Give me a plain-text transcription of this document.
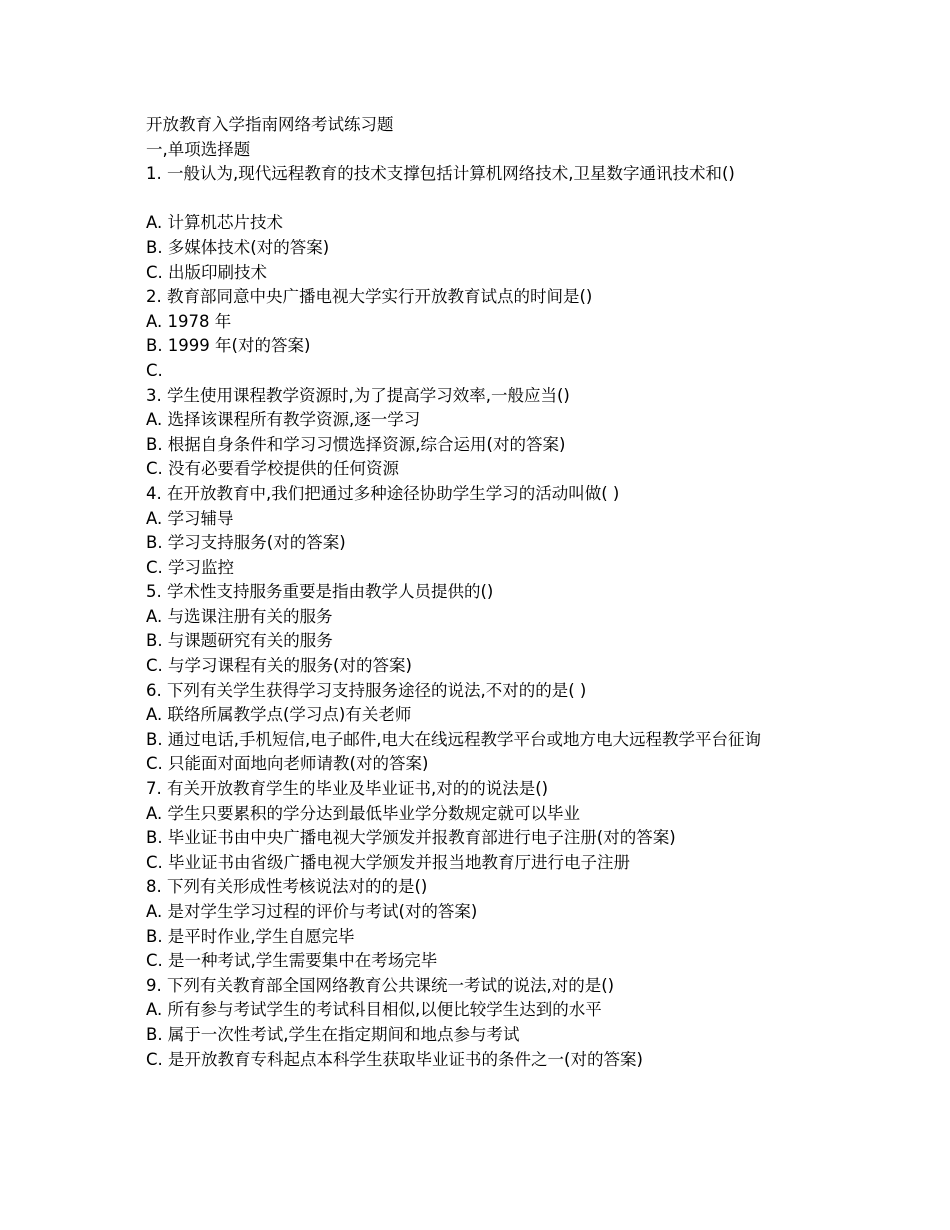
开放教育入学指南网络考试练习题

一,单项选择题

1. 一般认为,现代远程教育的技术支撑包括计算机网络技术,卫星数字通讯技术和()

A. 计算机芯片技术

B. 多媒体技术(对的答案)

C. 出版印刷技术

2. 教育部同意中央广播电视大学实行开放教育试点的时间是()

A. 1978 年

B. 1999 年(对的答案)

C.

3. 学生使用课程教学资源时,为了提高学习效率,一般应当()

A. 选择该课程所有教学资源,逐一学习

B. 根据自身条件和学习习惯选择资源,综合运用(对的答案)

C. 没有必要看学校提供的任何资源

4. 在开放教育中,我们把通过多种途径协助学生学习的活动叫做( )

A. 学习辅导

B. 学习支持服务(对的答案)

C. 学习监控

5. 学术性支持服务重要是指由教学人员提供的()

A. 与选课注册有关的服务

B. 与课题研究有关的服务

C. 与学习课程有关的服务(对的答案)

6. 下列有关学生获得学习支持服务途径的说法,不对的的是( )

A. 联络所属教学点(学习点)有关老师

B. 通过电话,手机短信,电子邮件,电大在线远程教学平台或地方电大远程教学平台征询

C. 只能面对面地向老师请教(对的答案)

7. 有关开放教育学生的毕业及毕业证书,对的的说法是()

A. 学生只要累积的学分达到最低毕业学分数规定就可以毕业

B. 毕业证书由中央广播电视大学颁发并报教育部进行电子注册(对的答案)

C. 毕业证书由省级广播电视大学颁发并报当地教育厅进行电子注册

8. 下列有关形成性考核说法对的的是()

A. 是对学生学习过程的评价与考试(对的答案)

B. 是平时作业,学生自愿完毕

C. 是一种考试,学生需要集中在考场完毕

9. 下列有关教育部全国网络教育公共课统一考试的说法,对的是()

A. 所有参与考试学生的考试科目相似,以便比较学生达到的水平

B. 属于一次性考试,学生在指定期间和地点参与考试

C. 是开放教育专科起点本科学生获取毕业证书的条件之一(对的答案)
